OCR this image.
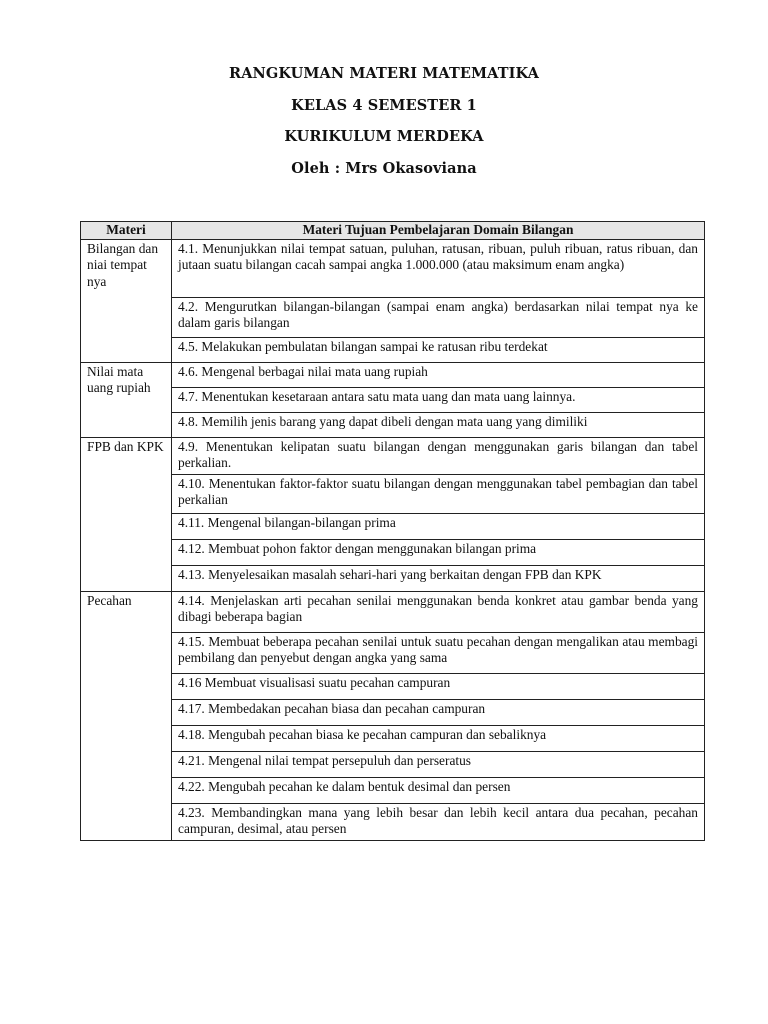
RANGKUMAN MATERI MATEMATIKA
KELAS 4 SEMESTER 1
KURIKULUM MERDEKA
Oleh : Mrs Okasoviana
Materi	Materi Tujuan Pembelajaran Domain Bilangan
Bilangan dan niai tempat nya	4.1. Menunjukkan nilai tempat satuan, puluhan, ratusan, ribuan, puluh ribuan, ratus ribuan, dan jutaan suatu bilangan cacah sampai angka 1.000.000 (atau maksimum enam angka)
	4.2. Mengurutkan bilangan-bilangan (sampai enam angka) berdasarkan nilai tempat nya ke dalam garis bilangan
	4.5. Melakukan pembulatan bilangan sampai ke ratusan ribu terdekat
Nilai mata uang rupiah	4.6. Mengenal berbagai nilai mata uang rupiah
	4.7. Menentukan kesetaraan antara satu mata uang dan mata uang lainnya.
	4.8. Memilih jenis barang yang dapat dibeli dengan mata uang yang dimiliki
FPB dan KPK	4.9. Menentukan kelipatan suatu bilangan dengan menggunakan garis bilangan dan tabel perkalian.
	4.10. Menentukan faktor-faktor suatu bilangan dengan menggunakan tabel pembagian dan tabel perkalian
	4.11. Mengenal bilangan-bilangan prima
	4.12. Membuat pohon faktor dengan menggunakan bilangan prima
	4.13. Menyelesaikan masalah sehari-hari yang berkaitan dengan FPB dan KPK
Pecahan	4.14. Menjelaskan arti pecahan senilai menggunakan benda konkret atau gambar benda yang dibagi beberapa bagian
	4.15. Membuat beberapa pecahan senilai untuk suatu pecahan dengan mengalikan atau membagi pembilang dan penyebut dengan angka yang sama
	4.16 Membuat visualisasi suatu pecahan campuran
	4.17. Membedakan pecahan biasa dan pecahan campuran
	4.18. Mengubah pecahan biasa ke pecahan campuran dan sebaliknya
	4.21. Mengenal nilai tempat persepuluh dan perseratus
	4.22. Mengubah pecahan ke dalam bentuk desimal dan persen
	4.23. Membandingkan mana yang lebih besar dan lebih kecil antara dua pecahan, pecahan campuran, desimal, atau persen
